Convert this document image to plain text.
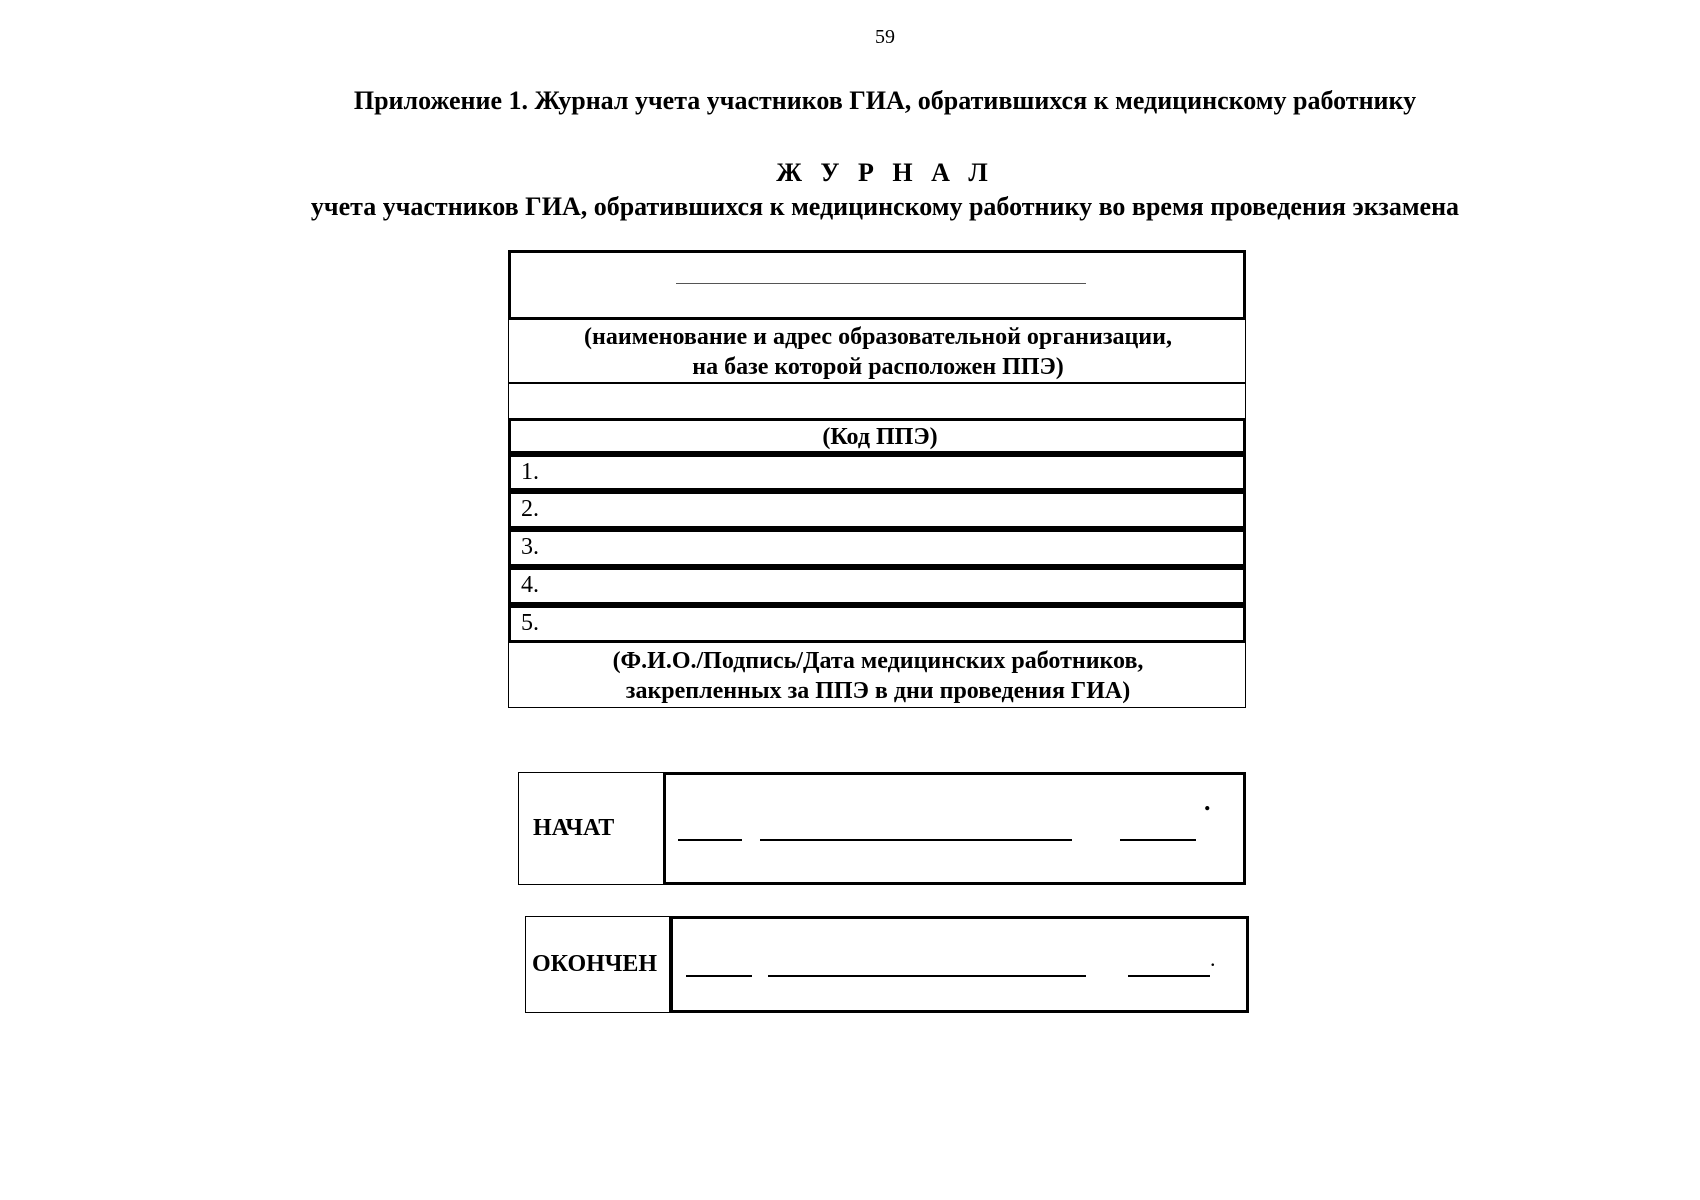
59
Приложение 1. Журнал учета участников ГИА, обратившихся к медицинскому работнику
Ж У Р Н А Л
учета участников ГИА, обратившихся к медицинскому работнику во время проведения экзамена
(наименование и адрес образовательной организации,
на базе которой расположен ППЭ)
(Код ППЭ)
1.
2.
3.
4.
5.
(Ф.И.О./Подпись/Дата медицинских работников,
закрепленных за ППЭ в дни проведения ГИА)
НАЧАТ
.
ОКОНЧЕН	.
